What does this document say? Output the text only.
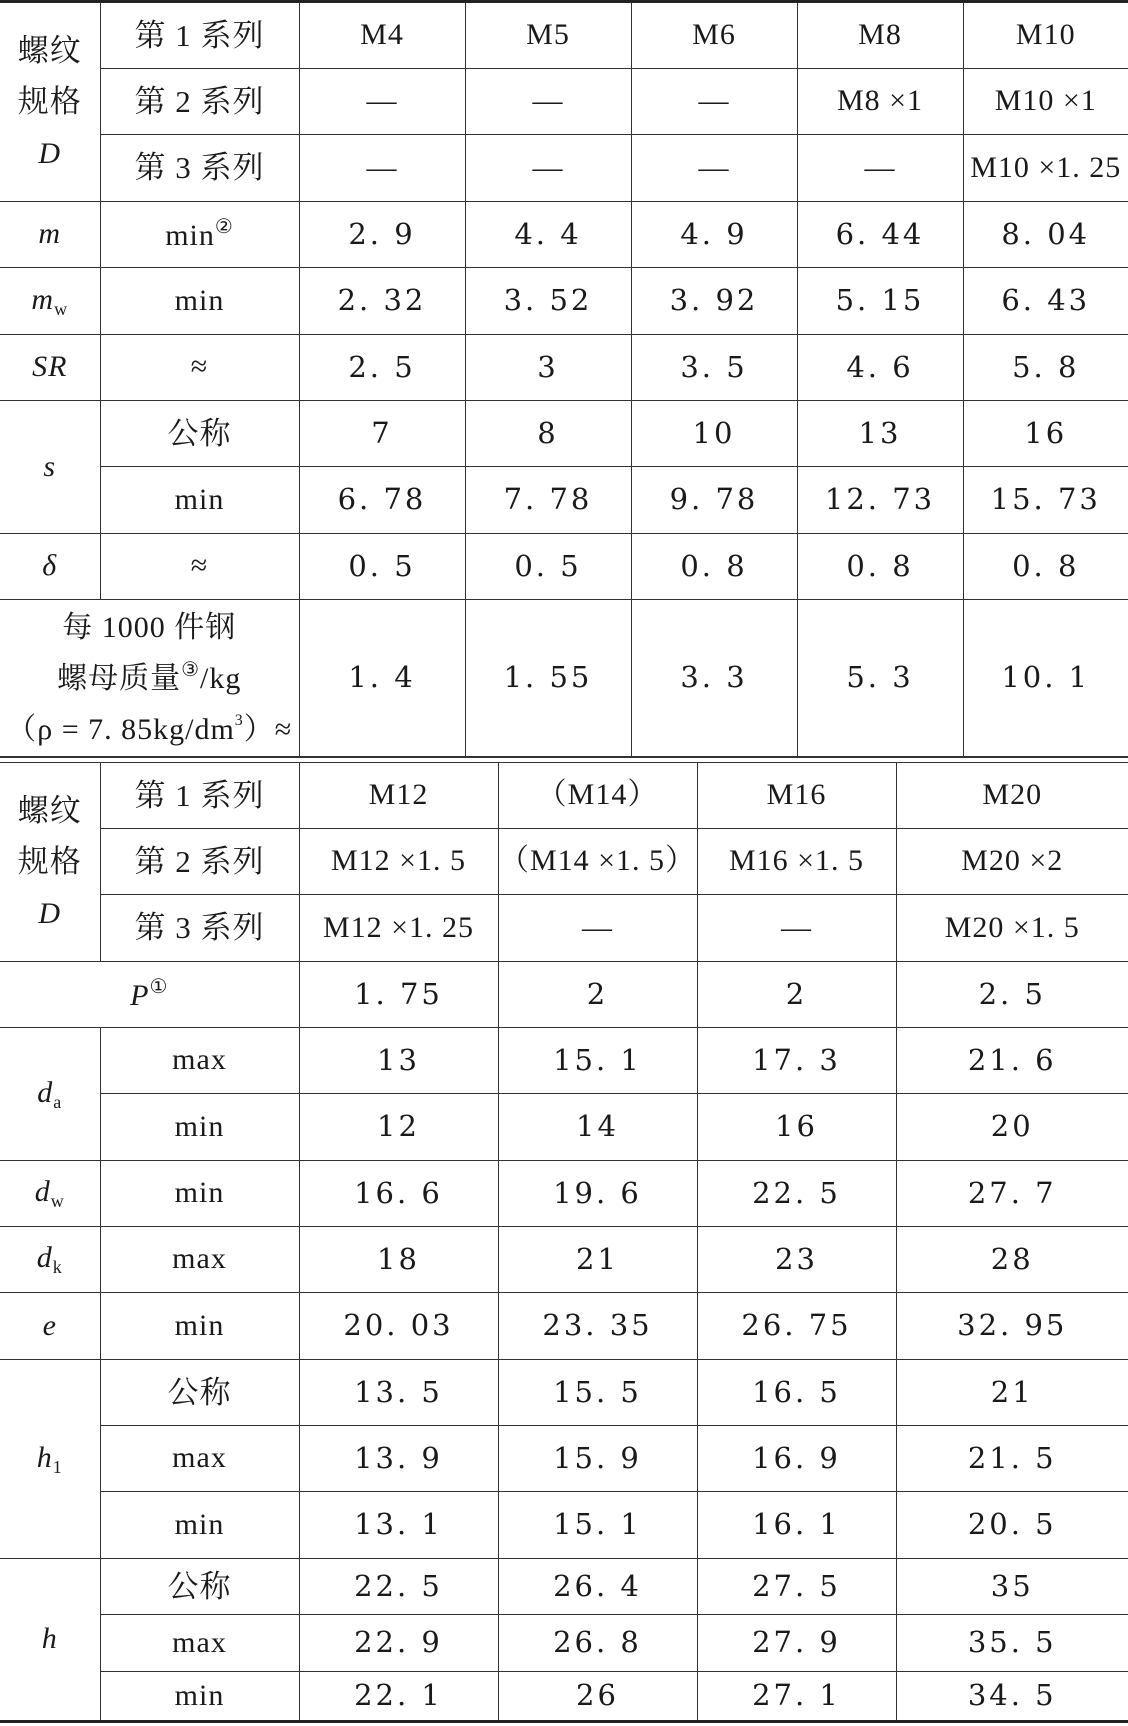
螺纹
规格
D	第 1 系列	M4	M5	M6	M8	M10
	第 2 系列	—	—	—	M8 ×1	M10 ×1
	第 3 系列	—	—	—	—	M10 ×1. 25
m	min②	2. 9	4. 4	4. 9	6. 44	8. 04
$m_w$	min	2. 32	3. 52	3. 92	5. 15	6. 43
SR	≈	2. 5	3	3. 5	4. 6	5. 8
s	公称	7	8	10	13	16
	min	6. 78	7. 78	9. 78	12. 73	15. 73
δ	≈	0. 5	0. 5	0. 8	0. 8	0. 8
每 1000 件钢
螺母质量③/kg
（ρ = 7. $85kg/dm^3)\approx$		1. 4	1. 55	3. 3	5. 3	10. 1
螺纹
规格
D	第 1 系列	M12	（M14）	M16	M20
	第 2 系列	M12 ×1. 5	（M14 ×1. 5）	M16 ×1. 5	M20 ×2
	第 3 系列	M12 ×1. 25	—	—	M20 ×1. 5
P①		1. 75	2	2	2. 5
$d_a$	max	13	15. 1	17. 3	21. 6
	min	12	14	16	20
$d_w$	min	16. 6	19. 6	22. 5	27. 7
$d_k$	max	18	21	23	28
e	min	20. 03	23. 35	26. 75	32. 95
$h_1$	公称	13. 5	15. 5	16. 5	21
	max	13. 9	15. 9	16. 9	21. 5
	min	13. 1	15. 1	16. 1	20. 5
h	公称	22. 5	26. 4	27. 5	35
	max	22. 9	26. 8	27. 9	35. 5
	min	22. 1	26	27. 1	34. 5
